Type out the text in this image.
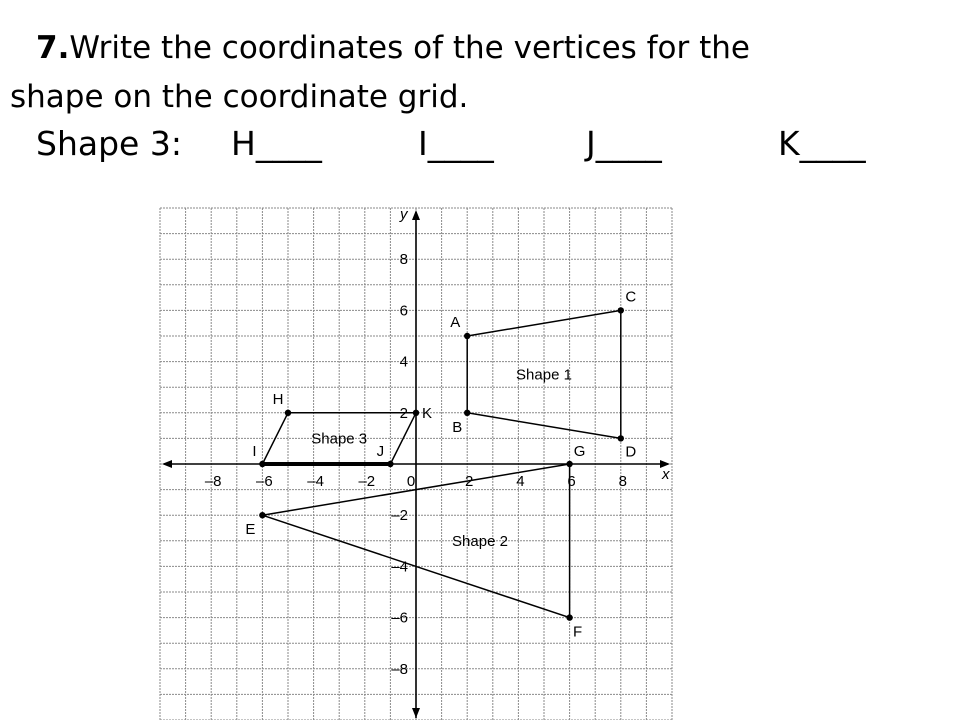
7.Write the coordinates of the vertices for the
shape on the coordinate grid.
Shape 3: H____	I____	J____	K____
x
y
–8 –6 –4 –2 0	2	4	6	8
8
6
4
2
–2
–4
–6
–8
Shape 1
Shape 2
Shape 3
A
B
C
D
E
F
G
H
I	J
K
